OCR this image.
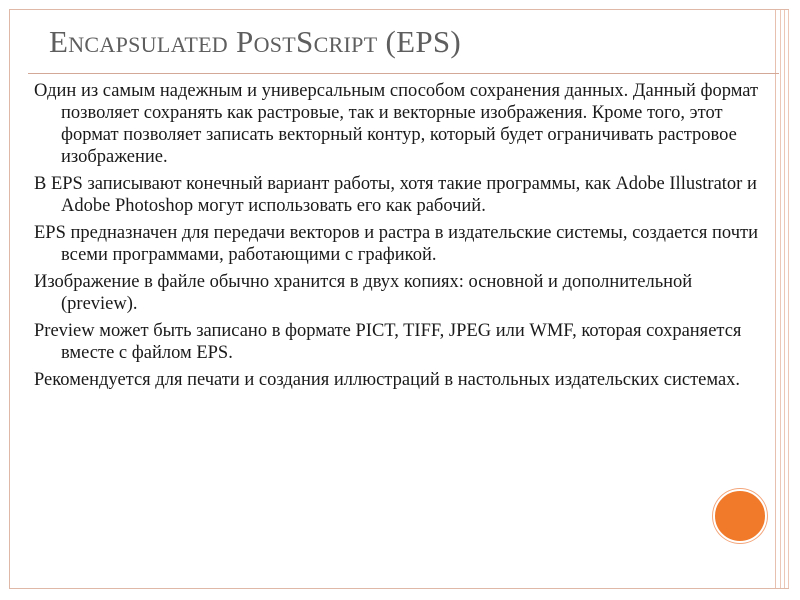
Encapsulated PostScript (EPS)

Один из самым надежным и универсальным способом сохранения данных. Данный формат позволяет сохранять как растровые, так и векторные изображения. Кроме того, этот формат позволяет записать векторный контур, который будет ограничивать растровое изображение.

В EPS записывают конечный вариант работы, хотя такие программы, как Adobe Illustrator и Adobe Photoshop могут использовать его как рабочий.

EPS предназначен для передачи векторов и растра в издательские системы, создается почти всеми программами, работающими с графикой.

Изображение в файле обычно хранится в двух копиях: основной и дополнительной (preview).

Preview может быть записано в формате PICT, TIFF, JPEG или WMF, которая сохраняется вместе с файлом EPS.

Рекомендуется для печати и создания иллюстраций в настольных издательских системах.
